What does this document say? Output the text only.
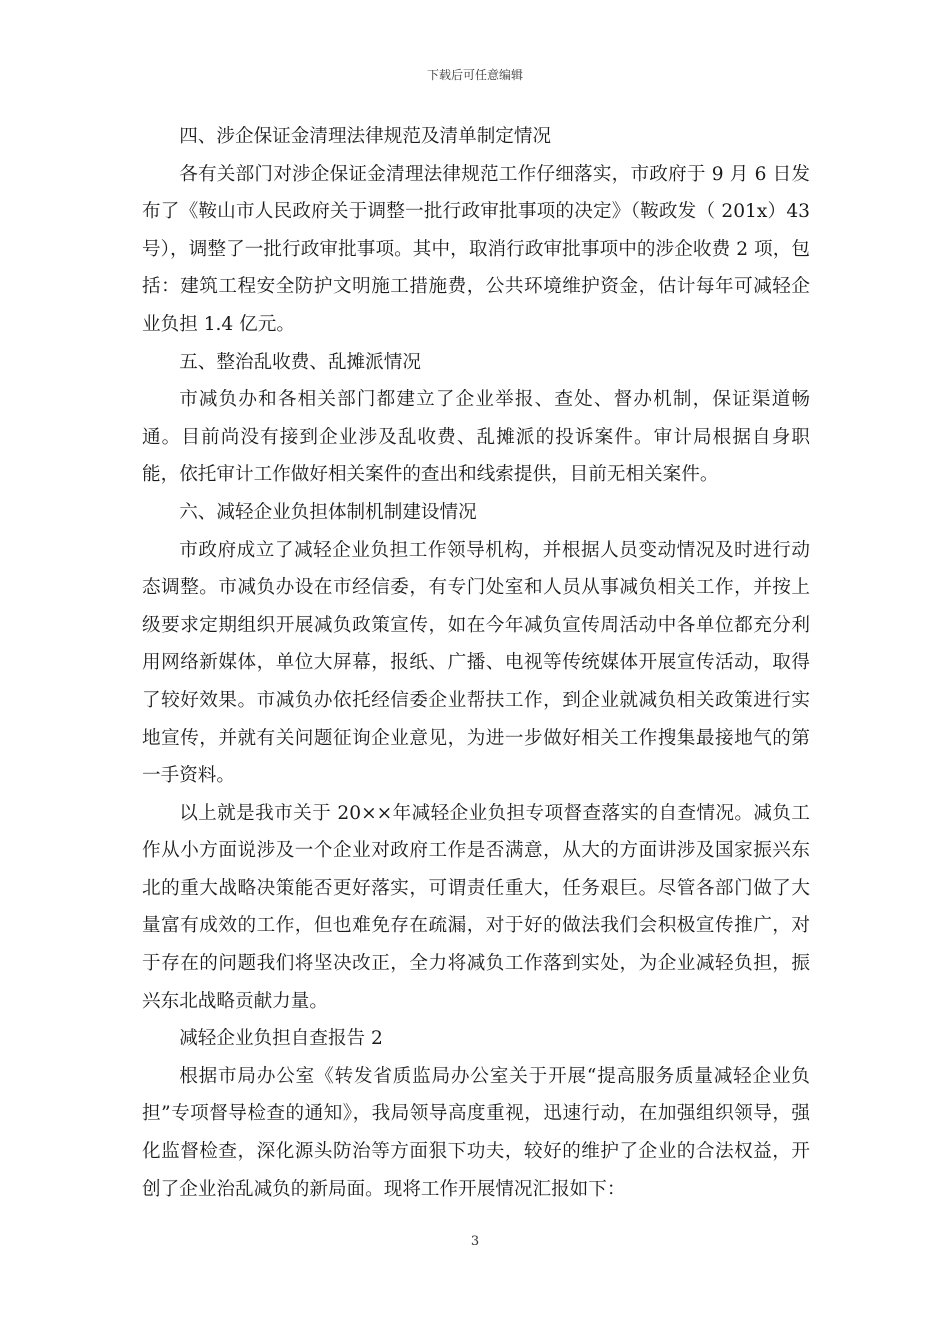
下载后可任意编辑

四、涉企保证金清理法律规范及清单制定情况

各有关部门对涉企保证金清理法律规范工作仔细落实，市政府于 9 月 6 日发布了《鞍山市人民政府关于调整一批行政审批事项的决定》（鞍政发（ 201x）43 号），调整了一批行政审批事项。其中，取消行政审批事项中的涉企收费 2 项，包括：建筑工程安全防护文明施工措施费，公共环境维护资金，估计每年可减轻企业负担 1.4 亿元。

五、整治乱收费、乱摊派情况

市减负办和各相关部门都建立了企业举报、查处、督办机制，保证渠道畅通。目前尚没有接到企业涉及乱收费、乱摊派的投诉案件。审计局根据自身职能，依托审计工作做好相关案件的查出和线索提供，目前无相关案件。

六、减轻企业负担体制机制建设情况

市政府成立了减轻企业负担工作领导机构，并根据人员变动情况及时进行动态调整。市减负办设在市经信委，有专门处室和人员从事减负相关工作，并按上级要求定期组织开展减负政策宣传，如在今年减负宣传周活动中各单位都充分利用网络新媒体，单位大屏幕，报纸、广播、电视等传统媒体开展宣传活动，取得了较好效果。市减负办依托经信委企业帮扶工作，到企业就减负相关政策进行实地宣传，并就有关问题征询企业意见，为进一步做好相关工作搜集最接地气的第一手资料。

以上就是我市关于 20××年减轻企业负担专项督查落实的自查情况。减负工作从小方面说涉及一个企业对政府工作是否满意，从大的方面讲涉及国家振兴东北的重大战略决策能否更好落实，可谓责任重大，任务艰巨。尽管各部门做了大量富有成效的工作，但也难免存在疏漏，对于好的做法我们会积极宣传推广，对于存在的问题我们将坚决改正，全力将减负工作落到实处，为企业减轻负担，振兴东北战略贡献力量。

减轻企业负担自查报告 2

根据市局办公室《转发省质监局办公室关于开展“提高服务质量减轻企业负担”专项督导检查的通知》，我局领导高度重视，迅速行动，在加强组织领导，强化监督检查，深化源头防治等方面狠下功夫，较好的维护了企业的合法权益，开创了企业治乱减负的新局面。现将工作开展情况汇报如下：

3
